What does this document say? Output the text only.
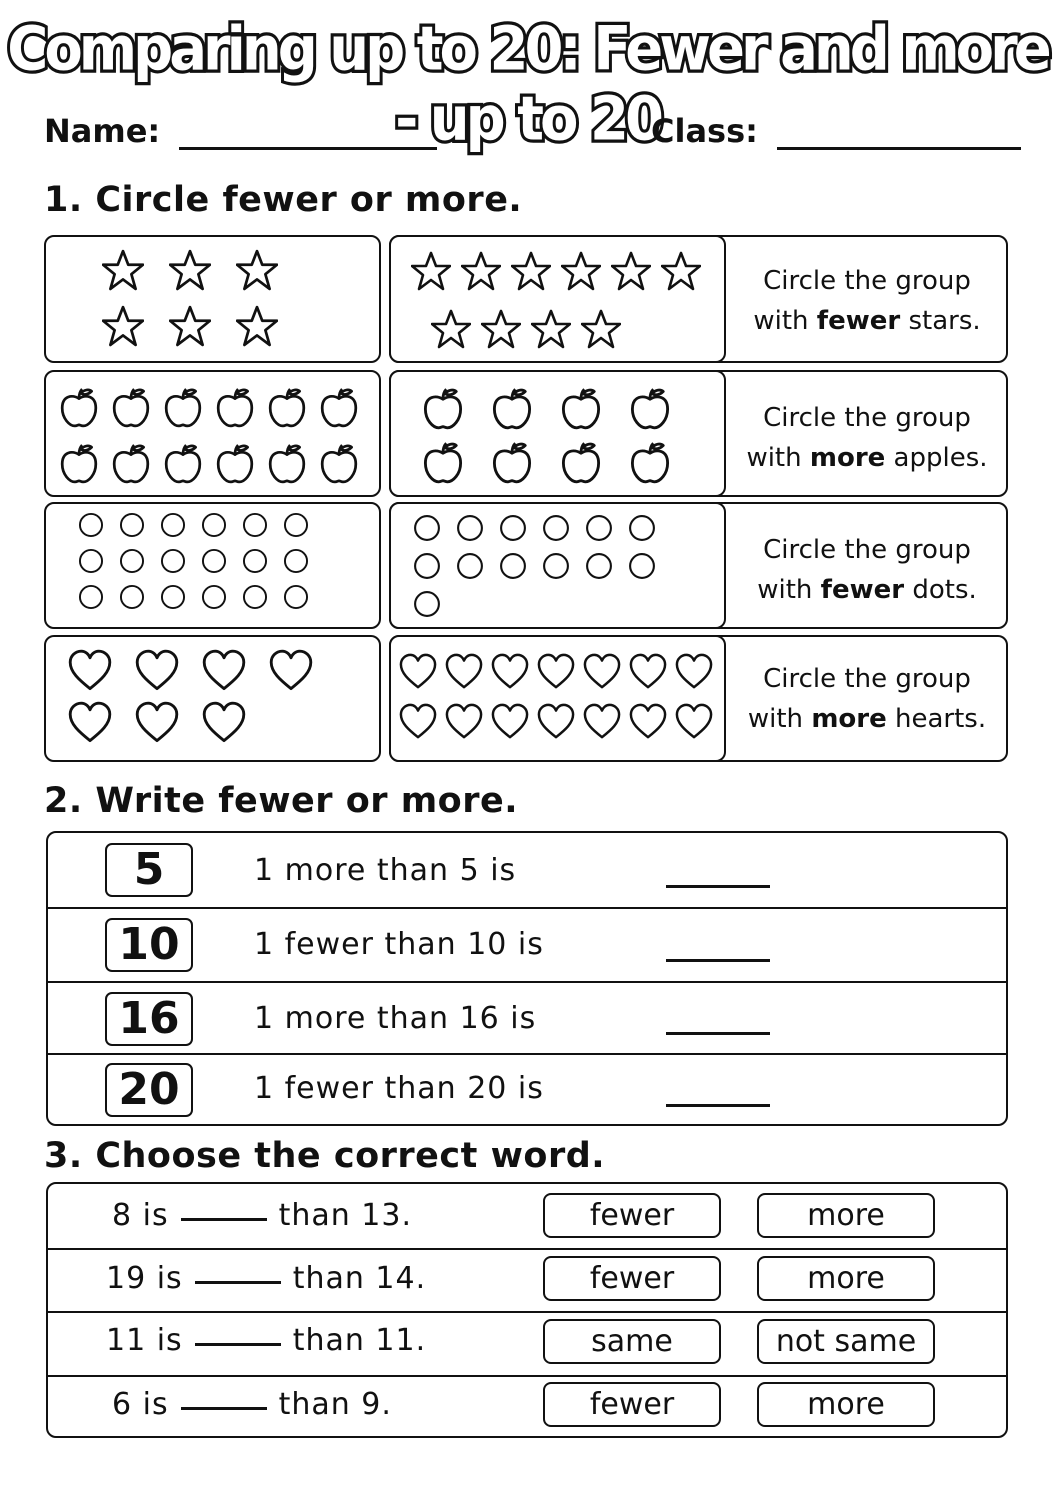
Comparing up to 20: Fewer and more - up to 20
Name:	Class:
1. Circle fewer or more.
Circle the group
with fewer stars.
Circle the group
with more apples.
Circle the group
with fewer dots.
Circle the group
with more hearts.
2. Write fewer or more.
5	1 more than 5 is
10	1 fewer than 10 is
16	1 more than 16 is
20	1 fewer than 20 is
3. Choose the correct word.
8 is	than 13.	fewer	more
19 is	than 14.	fewer	more
11 is	than 11.	same	not same
6 is	than 9.	fewer	more
